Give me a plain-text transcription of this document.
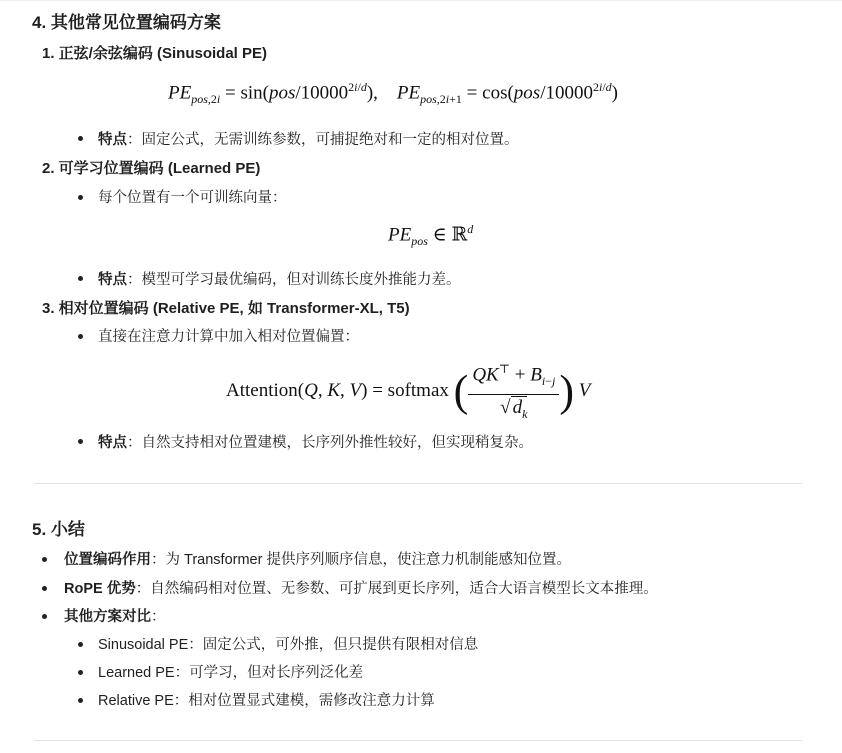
4. 其他常见位置编码方案
1. 正弦/余弦编码 (Sinusoidal PE)
$PE_{pos,2i} = \sin(pos/10000^{2i/d})$,    $PE_{pos,2i+1} = \cos(pos/10000^{2i/d})$
特点：固定公式，无需训练参数，可捕捉绝对和一定的相对位置。
2. 可学习位置编码 (Learned PE)
每个位置有一个可训练向量：
$PE_{pos}$ ∈ ℝ$^d$
特点：模型可学习最优编码，但对训练长度外推能力差。
3. 相对位置编码 (Relative PE, 如 Transformer-XL, T5)
直接在注意力计算中加入相对位置偏置：
Attention(Q, K, V) = softmax ( $\frac{QK^⊤ + B_{i-j}}{√ d_k}$ ) V
特点：自然支持相对位置建模，长序列外推性较好，但实现稍复杂。
5. 小结
位置编码作用：为 Transformer 提供序列顺序信息，使注意力机制能感知位置。
RoPE 优势：自然编码相对位置、无参数、可扩展到更长序列，适合大语言模型长文本推理。
其他方案对比：
Sinusoidal PE：固定公式，可外推，但只提供有限相对信息
Learned PE：可学习，但对长序列泛化差
Relative PE：相对位置显式建模，需修改注意力计算
